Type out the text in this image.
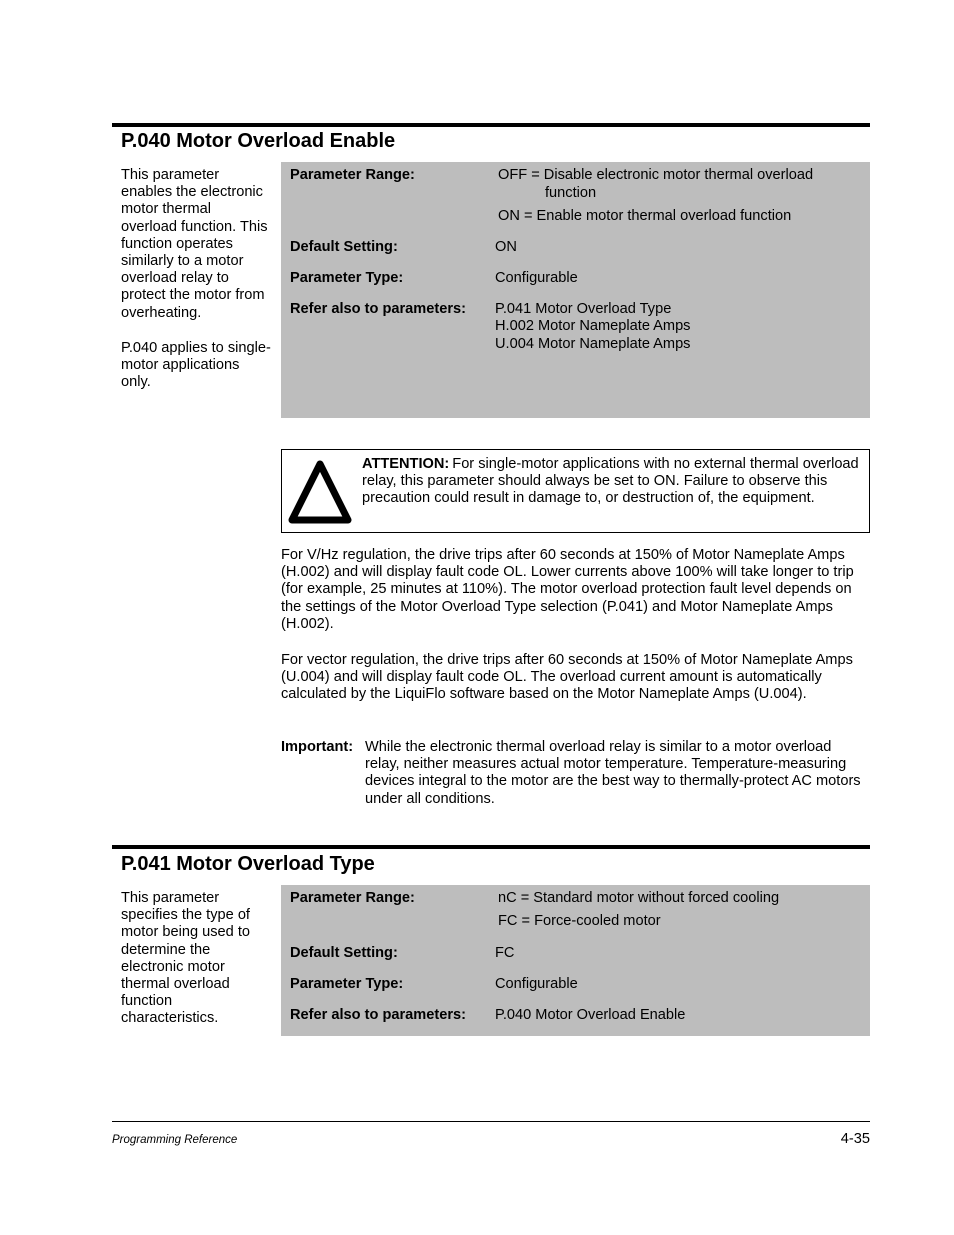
P.040 Motor Overload Enable

This parameter enables the electronic motor thermal overload function. This function operates similarly to a motor overload relay to protect the motor from overheating.

P.040 applies to single-motor applications only.

Parameter Range:	OFF = Disable electronic motor thermal overload
function
ON = Enable motor thermal overload function
Default Setting:	ON
Parameter Type:	Configurable
Refer also to parameters: P.041 Motor Overload Type
H.002 Motor Nameplate Amps
U.004 Motor Nameplate Amps
ATTENTION: For single-motor applications with no external thermal overload relay, this parameter should always be set to ON. Failure to observe this precaution could result in damage to, or destruction of, the equipment.

For V/Hz regulation, the drive trips after 60 seconds at 150% of Motor Nameplate Amps (H.002) and will display fault code OL. Lower currents above 100% will take longer to trip (for example, 25 minutes at 110%). The motor overload protection fault level depends on the settings of the Motor Overload Type selection (P.041) and Motor Nameplate Amps (H.002).

For vector regulation, the drive trips after 60 seconds at 150% of Motor Nameplate Amps (U.004) and will display fault code OL. The overload current amount is automatically calculated by the LiquiFlo software based on the Motor Nameplate Amps (U.004).

Important: While the electronic thermal overload relay is similar to a motor overload relay, neither measures actual motor temperature. Temperature-measuring devices integral to the motor are the best way to thermally-protect AC motors under all conditions.

P.041 Motor Overload Type

This parameter specifies the type of motor being used to determine the electronic motor thermal overload function characteristics.

Parameter Range:	nC = Standard motor without forced cooling
FC = Force-cooled motor
Default Setting:	FC
Parameter Type:	Configurable
Refer also to parameters: P.040 Motor Overload Enable
Programming Reference	4-35
